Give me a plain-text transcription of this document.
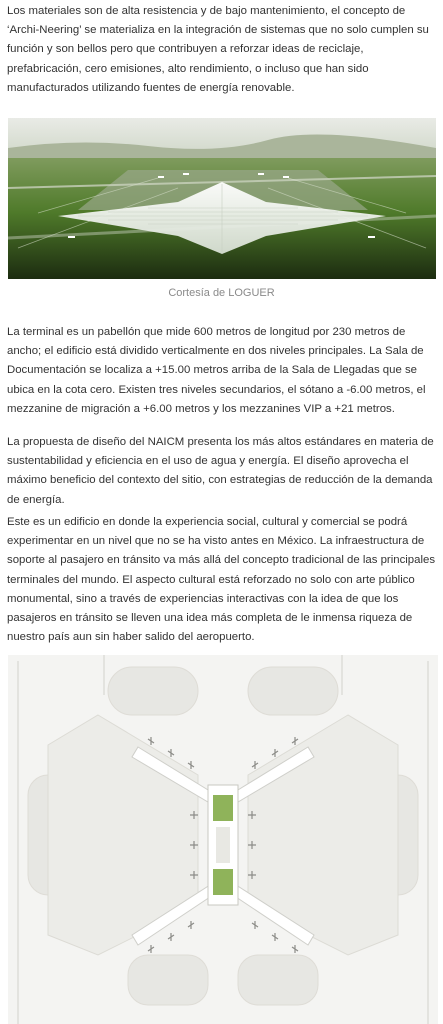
Los materiales son de alta resistencia y de bajo mantenimiento, el concepto de ‘Archi-Neering’ se materializa en la integración de sistemas que no solo cumplen su función y son bellos pero que contribuyen a reforzar ideas de reciclaje, prefabricación, cero emisiones, alto rendimiento, o incluso que han sido manufacturados utilizando fuentes de energía renovable.

Cortesía de LOGUER

La terminal es un pabellón que mide 600 metros de longitud por 230 metros de ancho; el edificio está dividido verticalmente en dos niveles principales. La Sala de Documentación se localiza a +15.00 metros arriba de la Sala de Llegadas que se ubica en la cota cero. Existen tres niveles secundarios, el sótano a -6.00 metros, el mezzanine de migración a +6.00 metros y los mezzanines VIP a +21 metros.

La propuesta de diseño del NAICM presenta los más altos estándares en materia de sustentabilidad y eficiencia en el uso de agua y energía. El diseño aprovecha el máximo beneficio del contexto del sitio, con estrategias de reducción de la demanda de energía.

Este es un edificio en donde la experiencia social, cultural y comercial se podrá experimentar en un nivel que no se ha visto antes en México. La infraestructura de soporte al pasajero en tránsito va más allá del concepto tradicional de las principales terminales del mundo. El aspecto cultural está reforzado no solo con arte público monumental, sino a través de experiencias interactivas con la idea de que los pasajeros en tránsito se lleven una idea más completa de le inmensa riqueza de nuestro país aun sin haber salido del aeropuerto.
